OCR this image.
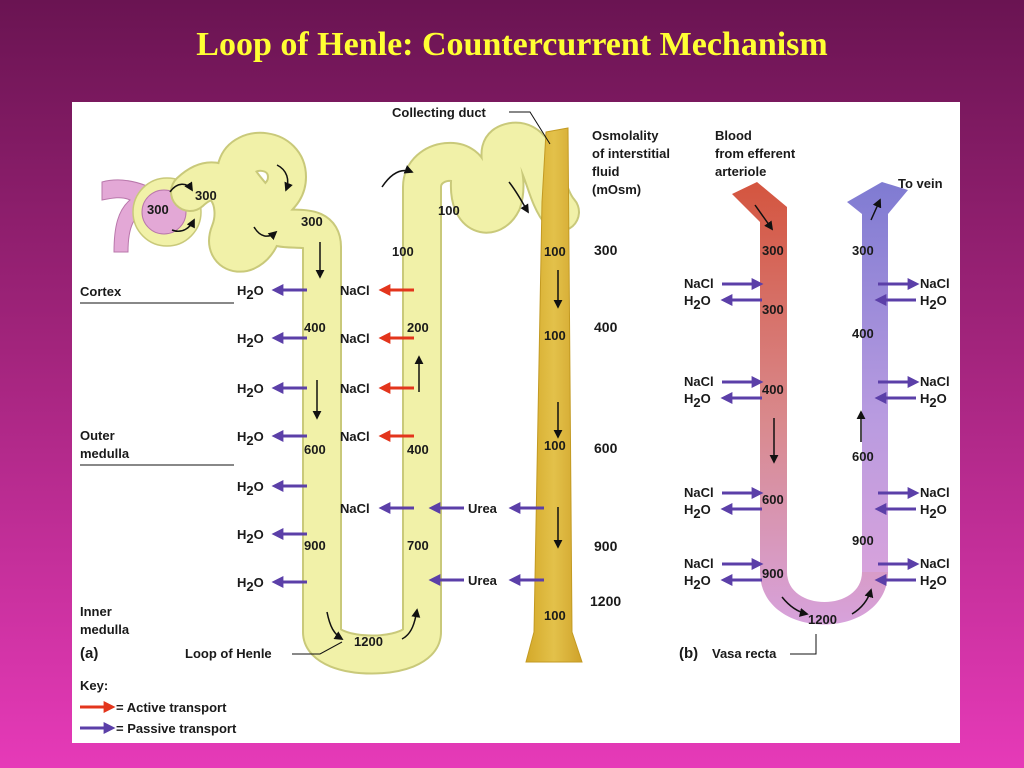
Loop of Henle: Countercurrent Mechanism
Collecting duct
Osmolality
of interstitial
fluid
(mOsm)
Cortex
Outer
medulla
Inner
medulla
(a)	Loop of Henle
300
300
300
400
600
900
1200
100
200
400
700
100
100
100
100
100
300
400
600
900
1200
H2O
H2O
H2O
H2O
H2O
H2O
H2O
NaCl
NaCl
NaCl
NaCl
NaCl	Urea
Urea
Blood
from efferent
arteriole
To vein
300
300
400
600
900
1200
300
400
600
900
NaCl
H2O
NaCl
H2O
NaCl
H2O
NaCl
H2O
NaCl
H2O
NaCl
H2O
NaCl
H2O
NaCl
H2O
(b) Vasa recta
Key:
= Active transport
= Passive transport
